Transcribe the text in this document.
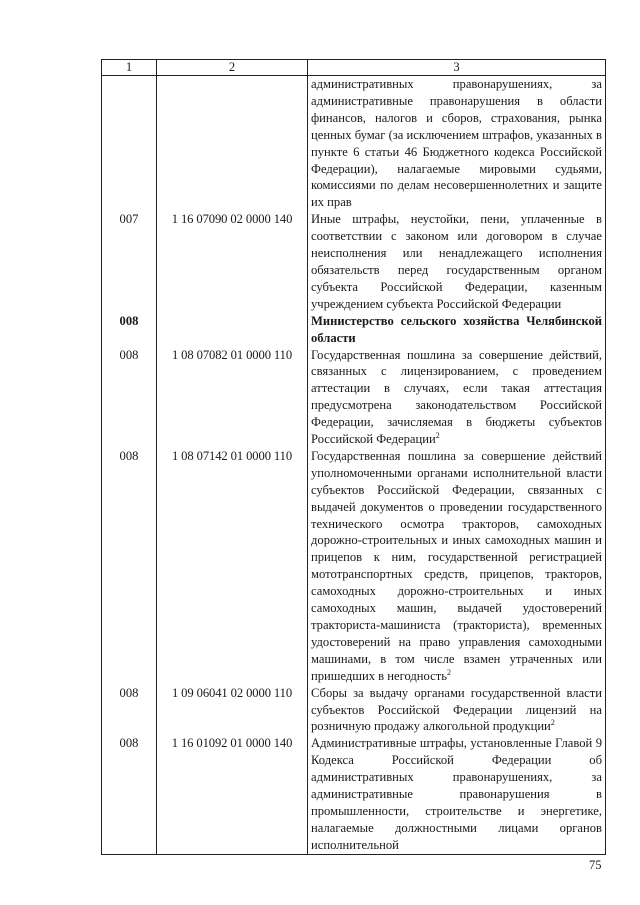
1	2	3
		административных правонарушениях, за административные правонарушения в области финансов, налогов и сборов, страхования, рынка ценных бумаг (за исключением штрафов, указанных в пункте 6 статьи 46 Бюджетного кодекса Российской Федерации), налагаемые мировыми судьями, комиссиями по делам несовершеннолетних и защите их прав
007	1 16 07090 02 0000 140	Иные штрафы, неустойки, пени, уплаченные в соответствии с законом или договором в случае неисполнения или ненадлежащего исполнения обязательств перед государственным органом субъекта Российской Федерации, казенным учреждением субъекта Российской Федерации
008		Министерство сельского хозяйства Челябинской области
008	1 08 07082 01 0000 110	Государственная пошлина за совершение действий, связанных с лицензированием, с проведением аттестации в случаях, если такая аттестация предусмотрена законодательством Российской Федерации, зачисляемая в бюджеты субъектов Российской Федерации$^2$
008	1 08 07142 01 0000 110	Государственная пошлина за совершение действий уполномоченными органами исполнительной власти субъектов Российской Федерации, связанных с выдачей документов о проведении государственного технического осмотра тракторов, самоходных дорожно-строительных и иных самоходных машин и прицепов к ним, государственной регистрацией мототранспортных средств, прицепов, тракторов, самоходных дорожно-строительных и иных самоходных машин, выдачей удостоверений тракториста-машиниста (тракториста), временных удостоверений на право управления самоходными машинами, в том числе взамен утраченных или пришедших в негодность$^2$
008	1 09 06041 02 0000 110	Сборы за выдачу органами государственной власти субъектов Российской Федерации лицензий на розничную продажу алкогольной продукции$^2$
008	1 16 01092 01 0000 140	Административные штрафы, установленные Главой 9 Кодекса Российской Федерации об административных правонарушениях, за административные правонарушения в промышленности, строительстве и энергетике, налагаемые должностными лицами органов исполнительной
75
